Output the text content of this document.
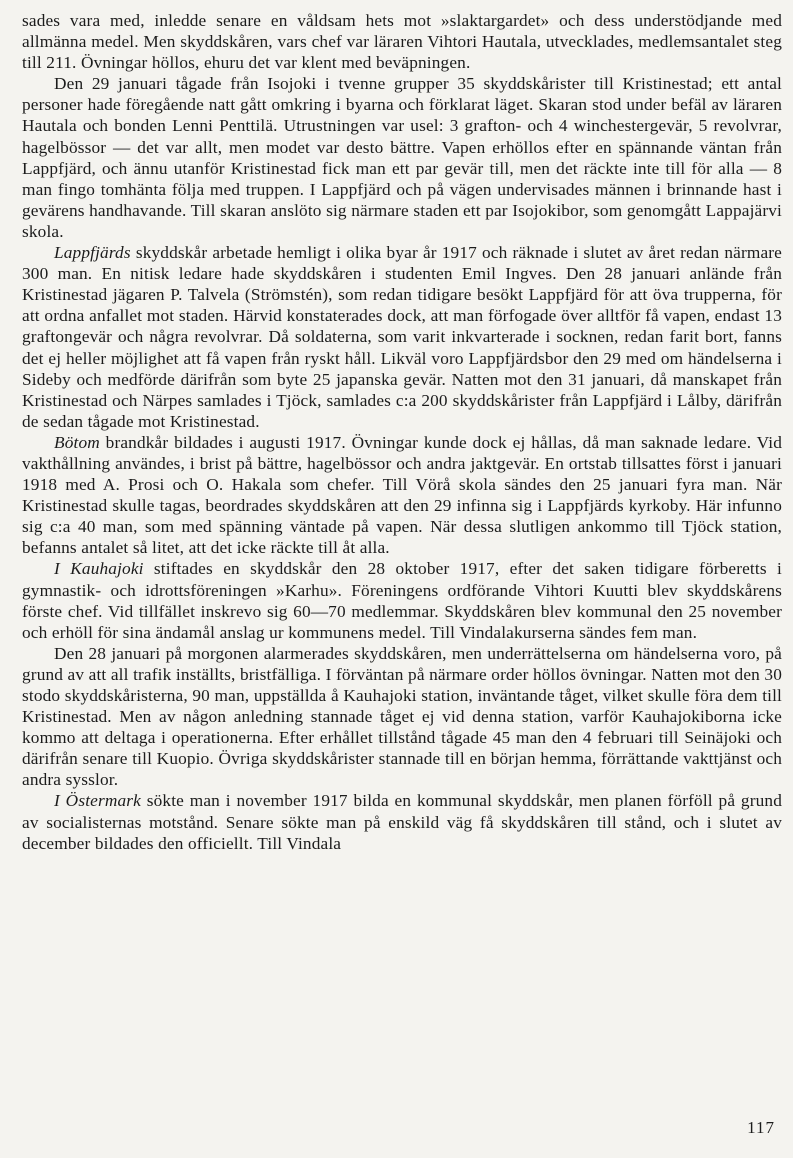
sades vara med, inledde senare en våldsam hets mot »slaktargardet» och dess understödjande med allmänna medel. Men skyddskåren, vars chef var läraren Vihtori Hautala, utvecklades, medlemsantalet steg till 211. Övningar höllos, ehuru det var klent med beväpningen.

Den 29 januari tågade från Isojoki i tvenne grupper 35 skyddskårister till Kristinestad; ett antal personer hade föregående natt gått omkring i byarna och förklarat läget. Skaran stod under befäl av läraren Hautala och bonden Lenni Penttilä. Utrustningen var usel: 3 grafton- och 4 winchestergevär, 5 revolvrar, hagelbössor — det var allt, men modet var desto bättre. Vapen erhöllos efter en spännande väntan från Lappfjärd, och ännu utanför Kristinestad fick man ett par gevär till, men det räckte inte till för alla — 8 man fingo tomhänta följa med truppen. I Lappfjärd och på vägen undervisades männen i brinnande hast i gevärens handhavande. Till skaran anslöto sig närmare staden ett par Isojokibor, som genomgått Lappajärvi skola.

Lappfjärds skyddskår arbetade hemligt i olika byar år 1917 och räknade i slutet av året redan närmare 300 man. En nitisk ledare hade skyddskåren i studenten Emil Ingves. Den 28 januari anlände från Kristinestad jägaren P. Talvela (Strömstén), som redan tidigare besökt Lappfjärd för att öva trupperna, för att ordna anfallet mot staden. Härvid konstaterades dock, att man förfogade över alltför få vapen, endast 13 graftongevär och några revolvrar. Då soldaterna, som varit inkvarterade i socknen, redan farit bort, fanns det ej heller möjlighet att få vapen från ryskt håll. Likväl voro Lappfjärdsbor den 29 med om händelserna i Sideby och medförde därifrån som byte 25 japanska gevär. Natten mot den 31 januari, då manskapet från Kristinestad och Närpes samlades i Tjöck, samlades c:a 200 skyddskårister från Lappfjärd i Lålby, därifrån de sedan tågade mot Kristinestad.

Bötom brandkår bildades i augusti 1917. Övningar kunde dock ej hållas, då man saknade ledare. Vid vakthållning användes, i brist på bättre, hagelbössor och andra jaktgevär. En ortstab tillsattes först i januari 1918 med A. Prosi och O. Hakala som chefer. Till Vörå skola sändes den 25 januari fyra man. När Kristinestad skulle tagas, beordrades skyddskåren att den 29 infinna sig i Lappfjärds kyrkoby. Här infunno sig c:a 40 man, som med spänning väntade på vapen. När dessa slutligen ankommo till Tjöck station, befanns antalet så litet, att det icke räckte till åt alla.

I Kauhajoki stiftades en skyddskår den 28 oktober 1917, efter det saken tidigare förberetts i gymnastik- och idrottsföreningen »Karhu». Föreningens ordförande Vihtori Kuutti blev skyddskårens förste chef. Vid tillfället inskrevo sig 60—70 medlemmar. Skyddskåren blev kommunal den 25 november och erhöll för sina ändamål anslag ur kommunens medel. Till Vindalakurserna sändes fem man.

Den 28 januari på morgonen alarmerades skyddskåren, men underrättelserna om händelserna voro, på grund av att all trafik inställts, bristfälliga. I förväntan på närmare order höllos övningar. Natten mot den 30 stodo skyddskåristerna, 90 man, uppställda å Kauhajoki station, inväntande tåget, vilket skulle föra dem till Kristinestad. Men av någon anledning stannade tåget ej vid denna station, varför Kauhajokiborna icke kommo att deltaga i operationerna. Efter erhållet tillstånd tågade 45 man den 4 februari till Seinäjoki och därifrån senare till Kuopio. Övriga skyddskårister stannade till en början hemma, förrättande vakttjänst och andra sysslor.

I Östermark sökte man i november 1917 bilda en kommunal skyddskår, men planen förföll på grund av socialisternas motstånd. Senare sökte man på enskild väg få skyddskåren till stånd, och i slutet av december bildades den officiellt. Till Vindala

117
